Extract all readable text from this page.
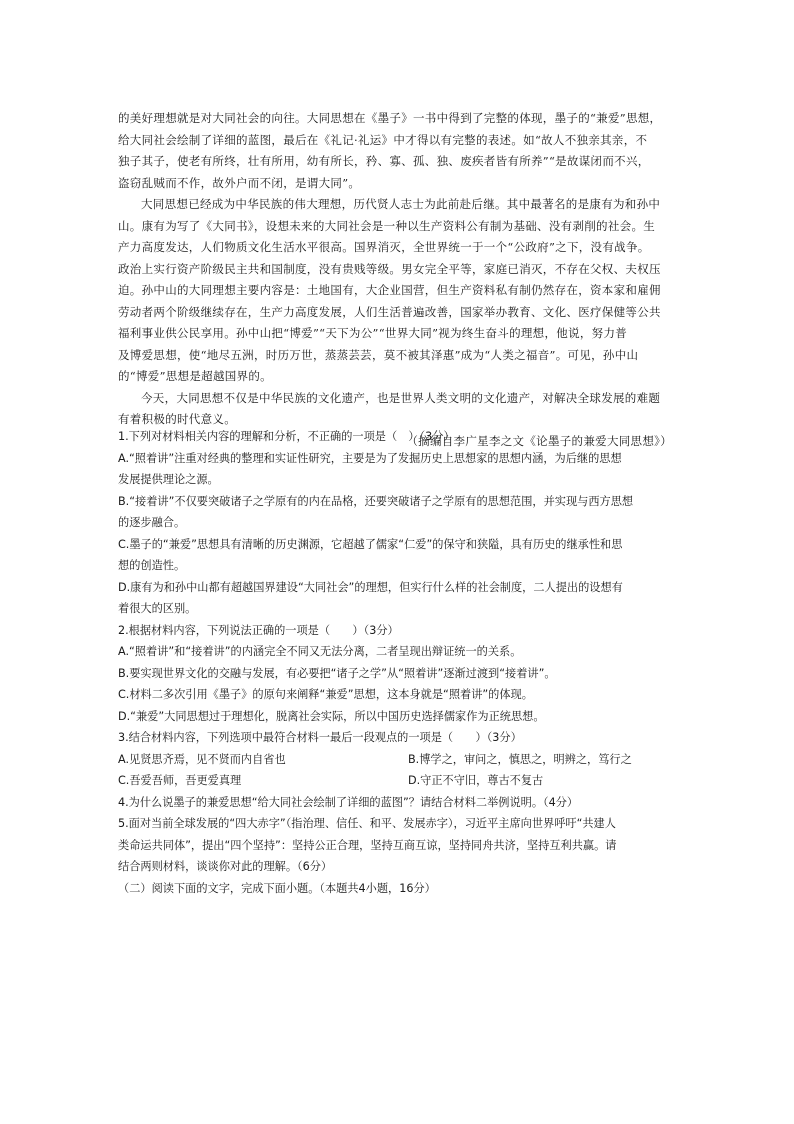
的美好理想就是对大同社会的向往。大同思想在《墨子》一书中得到了完整的体现，墨子的“兼爱”思想，

给大同社会绘制了详细的蓝图，最后在《礼记·礼运》中才得以有完整的表述。如“故人不独亲其亲，不

独子其子，使老有所终，壮有所用，幼有所长，矜、寡、孤、独、废疾者皆有所养”“是故谋闭而不兴，

盗窃乱贼而不作，故外户而不闭，是谓大同”。

大同思想已经成为中华民族的伟大理想，历代贤人志士为此前赴后继。其中最著名的是康有为和孙中

山。康有为写了《大同书》，设想未来的大同社会是一种以生产资料公有制为基础、没有剥削的社会。生

产力高度发达，人们物质文化生活水平很高。国界消灭，全世界统一于一个“公政府”之下，没有战争。

政治上实行资产阶级民主共和国制度，没有贵贱等级。男女完全平等，家庭已消灭，不存在父权、夫权压

迫。孙中山的大同理想主要内容是：土地国有，大企业国营，但生产资料私有制仍然存在，资本家和雇佣

劳动者两个阶级继续存在，生产力高度发展，人们生活普遍改善，国家举办教育、文化、医疗保健等公共

福利事业供公民享用。孙中山把“博爱”“天下为公”“世界大同”视为终生奋斗的理想，他说，努力普

及博爱思想，使“地尽五洲，时历万世，蒸蒸芸芸，莫不被其泽惠”成为“人类之福音”。可见，孙中山

的“博爱”思想是超越国界的。

今天，大同思想不仅是中华民族的文化遗产，也是世界人类文明的文化遗产，对解决全球发展的难题

有着积极的时代意义。

（摘编自李广星李之文《论墨子的兼爱大同思想》）

1.下列对材料相关内容的理解和分析，不正确的一项是（　）（3分）

A.“照着讲”注重对经典的整理和实证性研究，主要是为了发掘历史上思想家的思想内涵，为后继的思想

发展提供理论之源。

B.“接着讲”不仅要突破诸子之学原有的内在品格，还要突破诸子之学原有的思想范围，并实现与西方思想

的逐步融合。

C.墨子的“兼爱”思想具有清晰的历史渊源，它超越了儒家“仁爱”的保守和狭隘，具有历史的继承性和思

想的创造性。

D.康有为和孙中山都有超越国界建设“大同社会”的理想，但实行什么样的社会制度，二人提出的设想有

着很大的区别。

2.根据材料内容，下列说法正确的一项是（　　）（3分）

A.“照着讲”和“接着讲”的内涵完全不同又无法分离，二者呈现出辩证统一的关系。

B.要实现世界文化的交融与发展，有必要把“诸子之学”从“照着讲”逐渐过渡到“接着讲”。

C.材料二多次引用《墨子》的原句来阐释“兼爱”思想，这本身就是“照着讲”的体现。

D.“兼爱”大同思想过于理想化，脱离社会实际，所以中国历史选择儒家作为正统思想。

3.结合材料内容，下列选项中最符合材料一最后一段观点的一项是（　　）（3分）

A.见贤思齐焉，见不贤而内自省也	B.博学之，审问之，慎思之，明辨之，笃行之

C.吾爱吾师，吾更爱真理	D.守正不守旧，尊古不复古

4.为什么说墨子的兼爱思想“给大同社会绘制了详细的蓝图”？请结合材料二举例说明。（4分）

5.面对当前全球发展的“四大赤字”（指治理、信任、和平、发展赤字），习近平主席向世界呼吁“共建人

类命运共同体”，提出“四个坚持”：坚持公正合理，坚持互商互谅，坚持同舟共济，坚持互利共赢。请

结合两则材料，谈谈你对此的理解。（6分）

（二）阅读下面的文字，完成下面小题。（本题共4小题，16分）
